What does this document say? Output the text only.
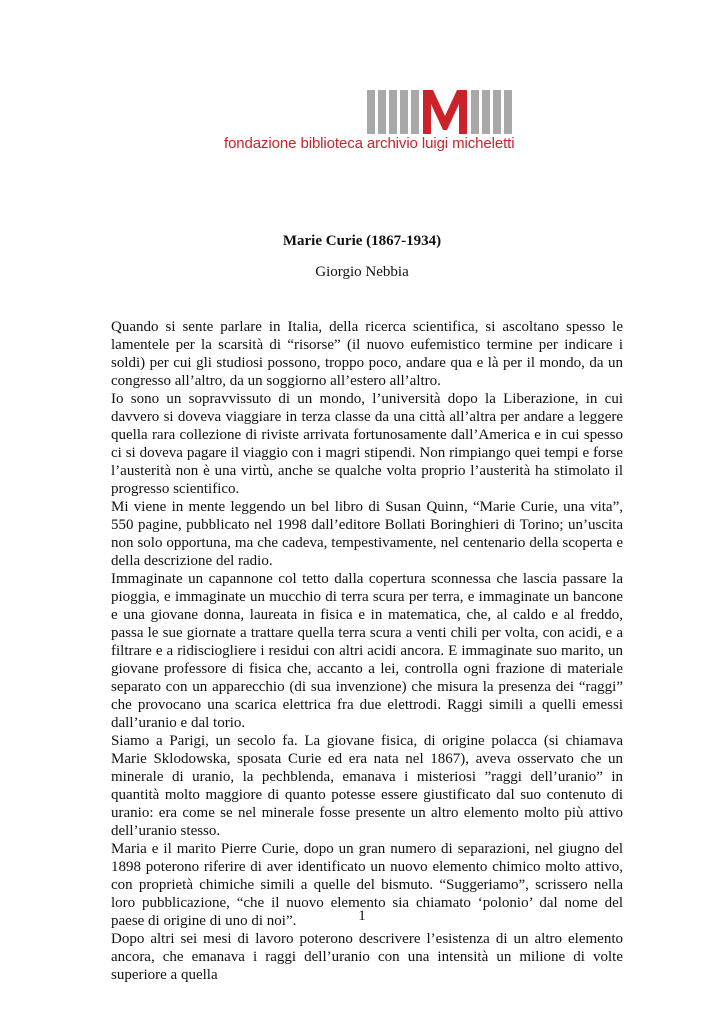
fondazione biblioteca archivio luigi micheletti
Marie Curie (1867-1934)
Giorgio Nebbia

Quando si sente parlare in Italia, della ricerca scientifica, si ascoltano spesso le lamentele per la scarsità di “risorse” (il nuovo eufemistico termine per indicare i soldi) per cui gli studiosi possono, troppo poco, andare qua e là per il mondo, da un congresso all’altro, da un soggiorno all’estero all’altro.

Io sono un sopravvissuto di un mondo, l’università dopo la Liberazione, in cui davvero si doveva viaggiare in terza classe da una città all’altra per andare a leggere quella rara collezione di riviste arrivata fortunosamente dall’America e in cui spesso ci si doveva pagare il viaggio con i magri stipendi. Non rimpiango quei tempi e forse l’austerità non è una virtù, anche se qualche volta proprio l’austerità ha stimolato il progresso scientifico.

Mi viene in mente leggendo un bel libro di Susan Quinn, “Marie Curie, una vita”, 550 pagine, pubblicato nel 1998 dall’editore Bollati Boringhieri di Torino; un’uscita non solo opportuna, ma che cadeva, tempestivamente, nel centenario della scoperta e della descrizione del radio.

Immaginate un capannone col tetto dalla copertura sconnessa che lascia passare la pioggia, e immaginate un mucchio di terra scura per terra, e immaginate un bancone e una giovane donna, laureata in fisica e in matematica, che, al caldo e al freddo, passa le sue giornate a trattare quella terra scura a venti chili per volta, con acidi, e a filtrare e a ridisciogliere i residui con altri acidi ancora. E immaginate suo marito, un giovane professore di fisica che, accanto a lei, controlla ogni frazione di materiale separato con un apparecchio (di sua invenzione) che misura la presenza dei “raggi” che provocano una scarica elettrica fra due elettrodi. Raggi simili a quelli emessi dall’uranio e dal torio.

Siamo a Parigi, un secolo fa. La giovane fisica, di origine polacca (si chiamava Marie Sklodowska, sposata Curie ed era nata nel 1867), aveva osservato che un minerale di uranio, la pechblenda, emanava i misteriosi ”raggi dell’uranio” in quantità molto maggiore di quanto potesse essere giustificato dal suo contenuto di uranio: era come se nel minerale fosse presente un altro elemento molto più attivo dell’uranio stesso.

Maria e il marito Pierre Curie, dopo un gran numero di separazioni, nel giugno del 1898 poterono riferire di aver identificato un nuovo elemento chimico molto attivo, con proprietà chimiche simili a quelle del bismuto. “Suggeriamo”, scrissero nella loro pubblicazione, “che il nuovo elemento sia chiamato ‘polonio’ dal nome del paese di origine di uno di noi”.

Dopo altri sei mesi di lavoro poterono descrivere l’esistenza di un altro elemento ancora, che emanava i raggi dell’uranio con una intensità un milione di volte superiore a quella

1
